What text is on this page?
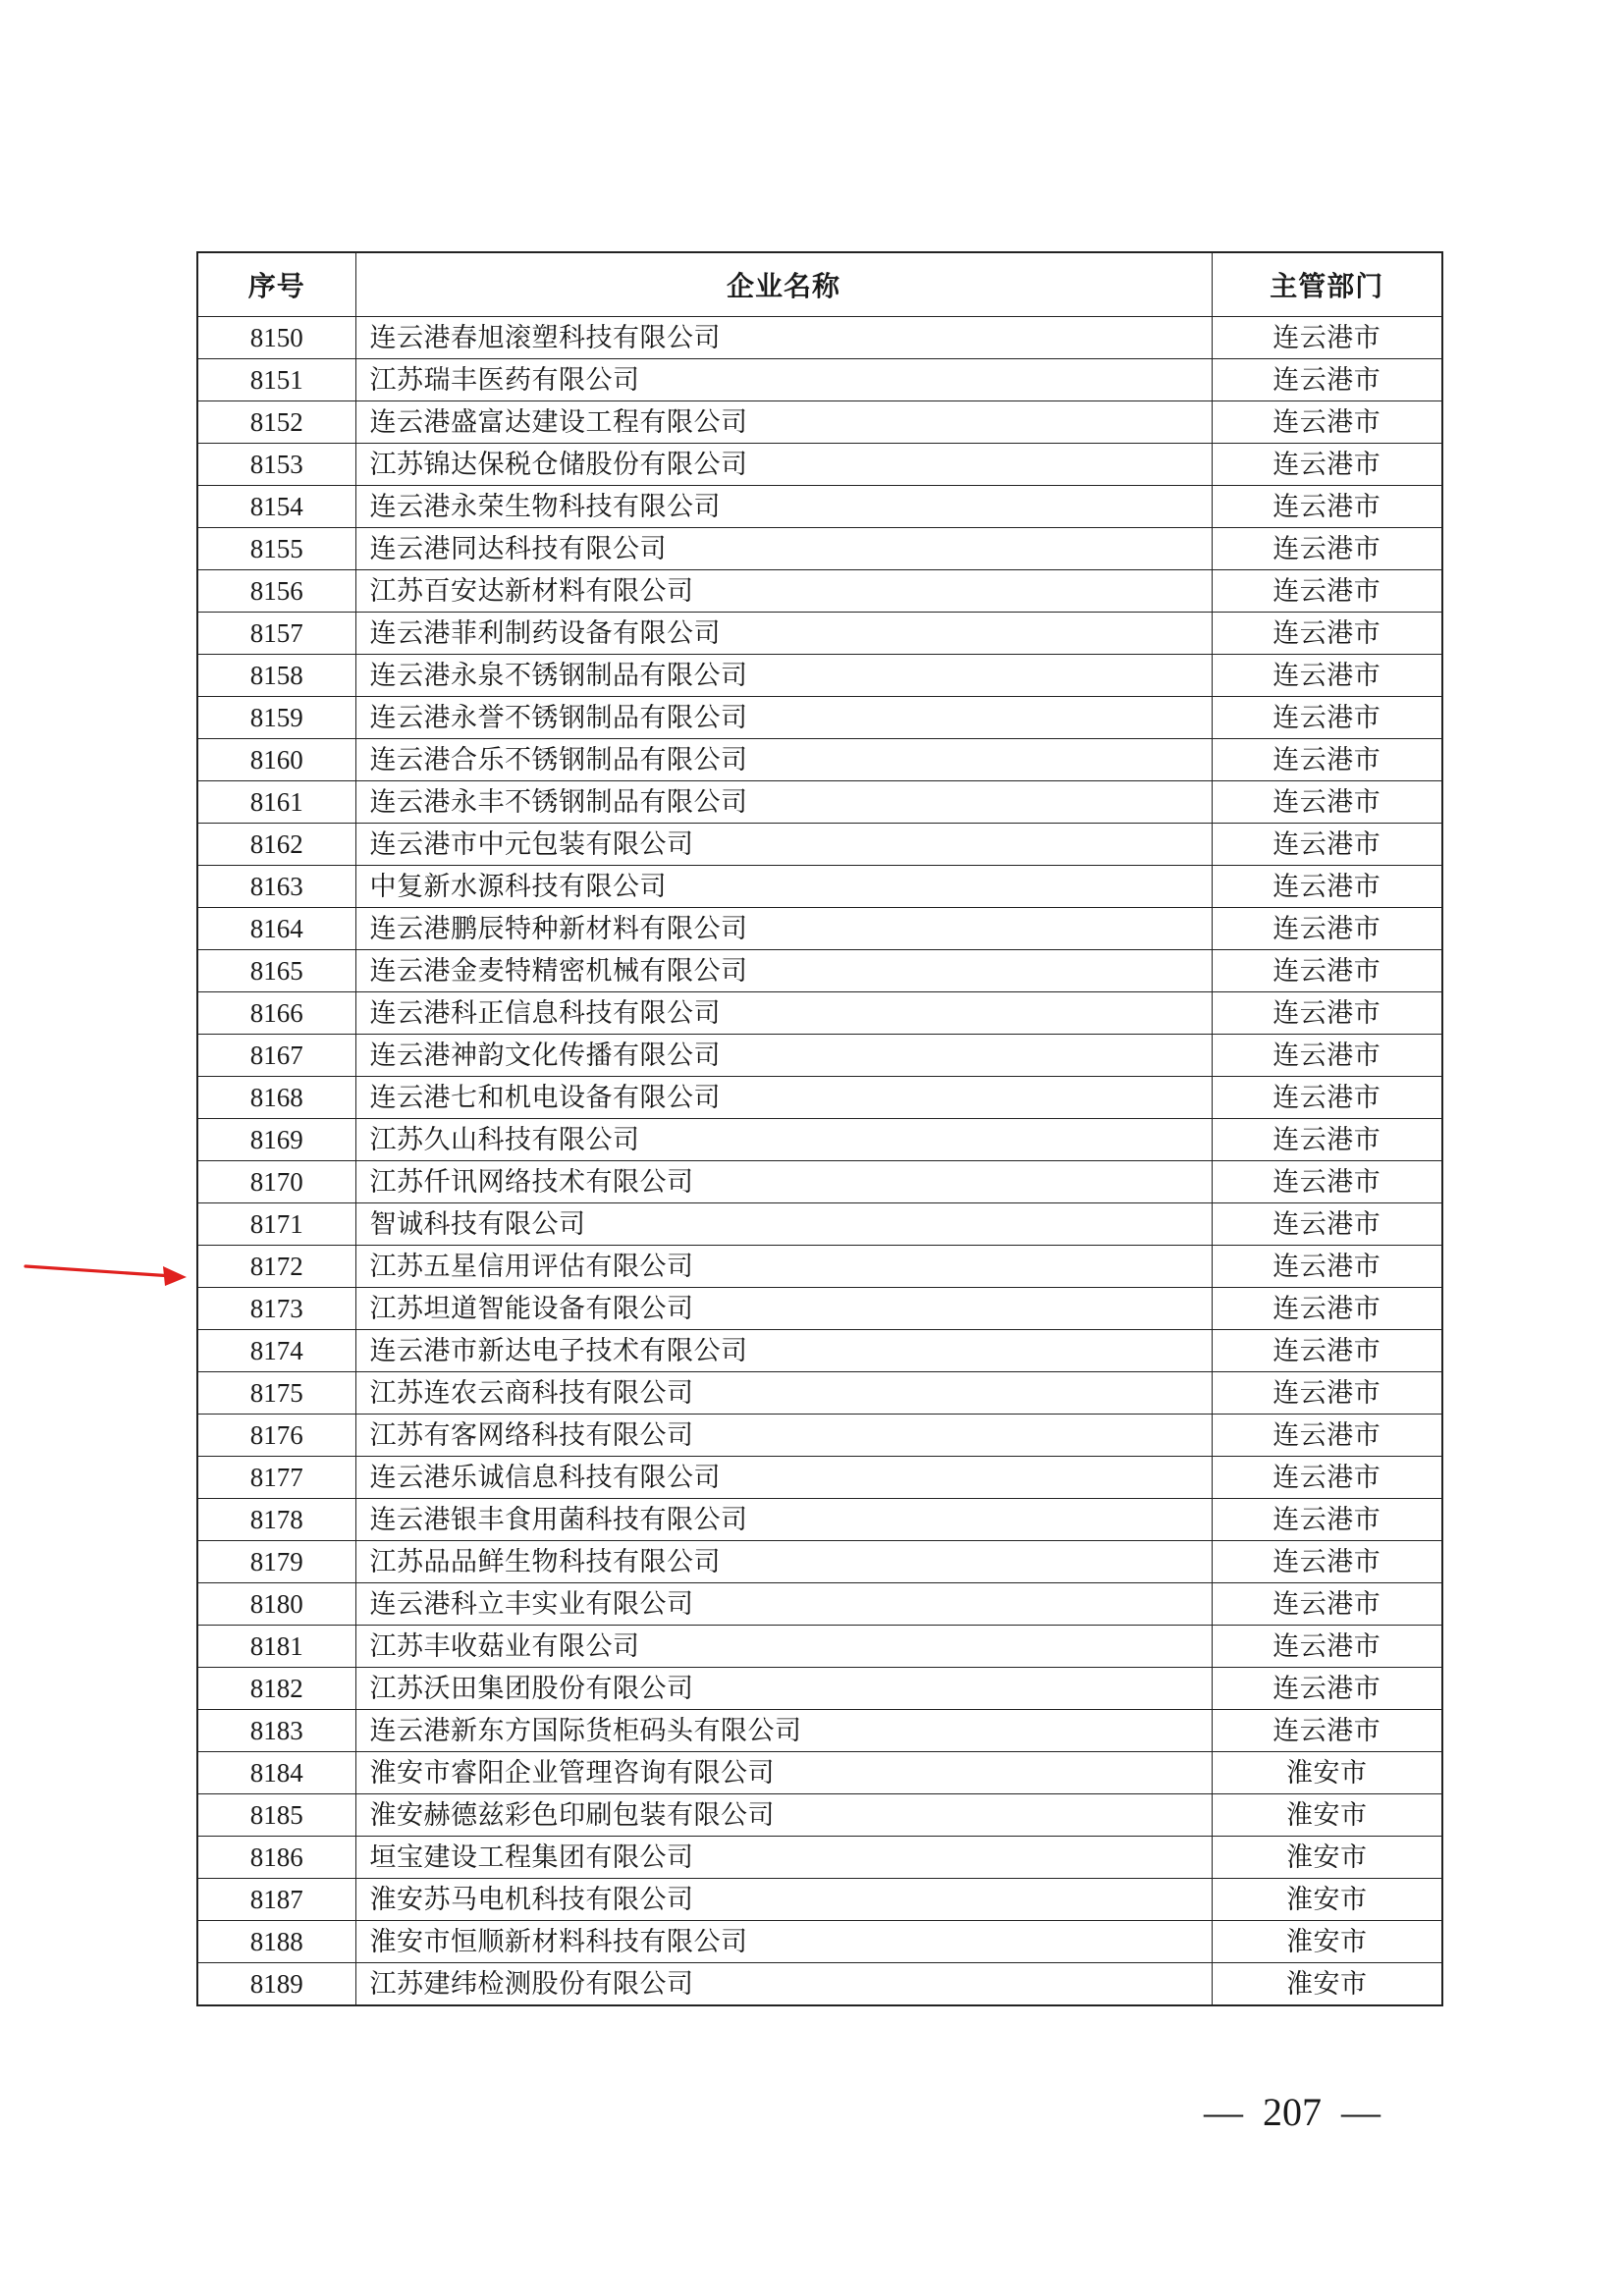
序号	企业名称	主管部门
8150	连云港春旭滚塑科技有限公司	连云港市
8151	江苏瑞丰医药有限公司	连云港市
8152	连云港盛富达建设工程有限公司	连云港市
8153	江苏锦达保税仓储股份有限公司	连云港市
8154	连云港永荣生物科技有限公司	连云港市
8155	连云港同达科技有限公司	连云港市
8156	江苏百安达新材料有限公司	连云港市
8157	连云港菲利制药设备有限公司	连云港市
8158	连云港永泉不锈钢制品有限公司	连云港市
8159	连云港永誉不锈钢制品有限公司	连云港市
8160	连云港合乐不锈钢制品有限公司	连云港市
8161	连云港永丰不锈钢制品有限公司	连云港市
8162	连云港市中元包装有限公司	连云港市
8163	中复新水源科技有限公司	连云港市
8164	连云港鹏辰特种新材料有限公司	连云港市
8165	连云港金麦特精密机械有限公司	连云港市
8166	连云港科正信息科技有限公司	连云港市
8167	连云港神韵文化传播有限公司	连云港市
8168	连云港七和机电设备有限公司	连云港市
8169	江苏久山科技有限公司	连云港市
8170	江苏仟讯网络技术有限公司	连云港市
8171	智诚科技有限公司	连云港市
8172	江苏五星信用评估有限公司	连云港市
8173	江苏坦道智能设备有限公司	连云港市
8174	连云港市新达电子技术有限公司	连云港市
8175	江苏连农云商科技有限公司	连云港市
8176	江苏有客网络科技有限公司	连云港市
8177	连云港乐诚信息科技有限公司	连云港市
8178	连云港银丰食用菌科技有限公司	连云港市
8179	江苏品品鲜生物科技有限公司	连云港市
8180	连云港科立丰实业有限公司	连云港市
8181	江苏丰收菇业有限公司	连云港市
8182	江苏沃田集团股份有限公司	连云港市
8183	连云港新东方国际货柜码头有限公司	连云港市
8184	淮安市睿阳企业管理咨询有限公司	淮安市
8185	淮安赫德兹彩色印刷包装有限公司	淮安市
8186	垣宝建设工程集团有限公司	淮安市
8187	淮安苏马电机科技有限公司	淮安市
8188	淮安市恒顺新材料科技有限公司	淮安市
8189	江苏建纬检测股份有限公司	淮安市
— 207 —
